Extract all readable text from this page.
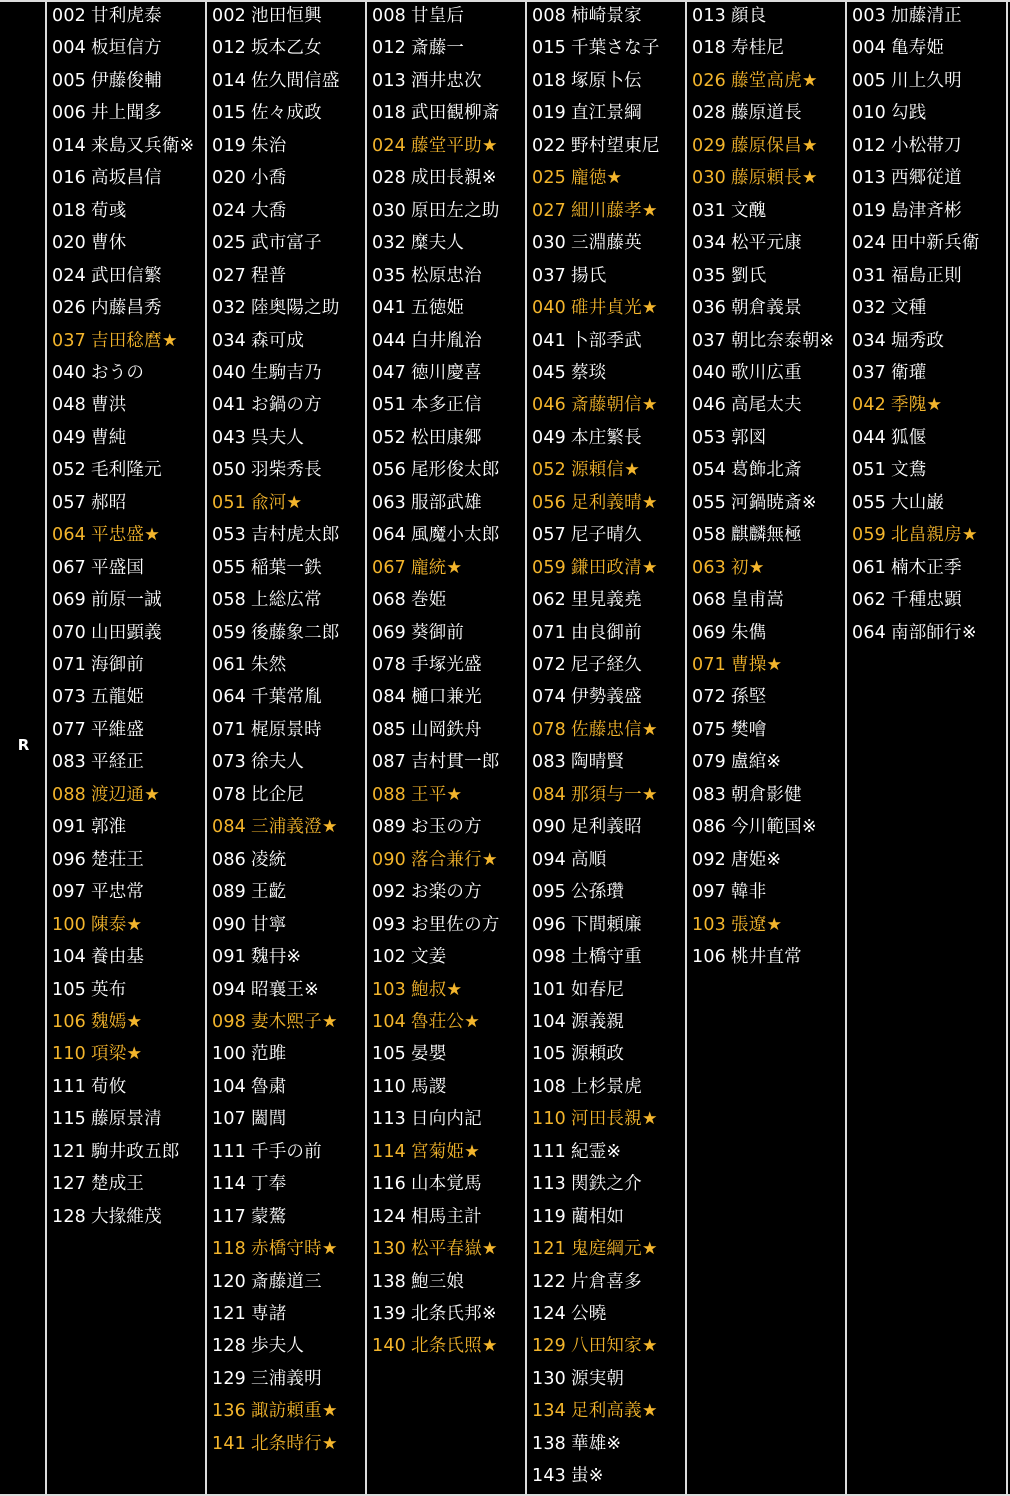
R
002 甘利虎泰
004 板垣信方
005 伊藤俊輔
006 井上聞多
014 来島又兵衛※
016 高坂昌信
018 荀彧
020 曹休
024 武田信繁
026 内藤昌秀
037 吉田稔麿★
040 おうの
048 曹洪
049 曹純
052 毛利隆元
057 郝昭
064 平忠盛★
067 平盛国
069 前原一誠
070 山田顕義
071 海御前
073 五龍姫
077 平維盛
083 平経正
088 渡辺通★
091 郭淮
096 楚荘王
097 平忠常
100 陳泰★
104 養由基
105 英布
106 魏嫣★
110 項梁★
111 荀攸
115 藤原景清
121 駒井政五郎
127 楚成王
128 大掾維茂
002 池田恒興
012 坂本乙女
014 佐久間信盛
015 佐々成政
019 朱治
020 小喬
024 大喬
025 武市富子
027 程普
032 陸奥陽之助
034 森可成
040 生駒吉乃
041 お鍋の方
043 呉夫人
050 羽柴秀長
051 兪河★
053 吉村虎太郎
055 稲葉一鉄
058 上総広常
059 後藤象二郎
061 朱然
064 千葉常胤
071 梶原景時
073 徐夫人
078 比企尼
084 三浦義澄★
086 凌統
089 王齕
090 甘寧
091 魏冄※
094 昭襄王※
098 妻木熙子★
100 范雎
104 魯粛
107 闔閭
111 千手の前
114 丁奉
117 蒙驁
118 赤橋守時★
120 斎藤道三
121 専諸
128 歩夫人
129 三浦義明
136 諏訪頼重★
141 北条時行★
008 甘皇后
012 斎藤一
013 酒井忠次
018 武田観柳斎
024 藤堂平助★
028 成田長親※
030 原田左之助
032 糜夫人
035 松原忠治
041 五徳姫
044 白井胤治
047 徳川慶喜
051 本多正信
052 松田康郷
056 尾形俊太郎
063 服部武雄
064 風魔小太郎
067 龐統★
068 巻姫
069 葵御前
078 手塚光盛
084 樋口兼光
085 山岡鉄舟
087 吉村貫一郎
088 王平★
089 お玉の方
090 落合兼行★
092 お楽の方
093 お里佐の方
102 文姜
103 鮑叔★
104 魯荘公★
105 晏嬰
110 馬謖
113 日向内記
114 宮菊姫★
116 山本覚馬
124 相馬主計
130 松平春嶽★
138 鮑三娘
139 北条氏邦※
140 北条氏照★
008 柿崎景家
015 千葉さな子
018 塚原卜伝
019 直江景綱
022 野村望東尼
025 龐徳★
027 細川藤孝★
030 三淵藤英
037 揚氏
040 碓井貞光★
041 卜部季武
045 蔡琰
046 斎藤朝信★
049 本庄繁長
052 源頼信★
056 足利義晴★
057 尼子晴久
059 鎌田政清★
062 里見義堯
071 由良御前
072 尼子経久
074 伊勢義盛
078 佐藤忠信★
083 陶晴賢
084 那須与一★
090 足利義昭
094 高順
095 公孫瓚
096 下間頼廉
098 土橋守重
101 如春尼
104 源義親
105 源頼政
108 上杉景虎
110 河田長親★
111 紀霊※
113 関鉄之介
119 藺相如
121 鬼庭綱元★
122 片倉喜多
124 公曉
129 八田知家★
130 源実朝
134 足利高義★
138 華雄※
143 蚩※
013 顔良
018 寿桂尼
026 藤堂高虎★
028 藤原道長
029 藤原保昌★
030 藤原頼長★
031 文醜
034 松平元康
035 劉氏
036 朝倉義景
037 朝比奈泰朝※
040 歌川広重
046 高尾太夫
053 郭図
054 葛飾北斎
055 河鍋暁斎※
058 麒麟無極
063 初★
068 皇甫嵩
069 朱儁
071 曹操★
072 孫堅
075 樊噲
079 盧綰※
083 朝倉影健
086 今川範国※
092 唐姫※
097 韓非
103 張遼★
106 桃井直常
003 加藤清正
004 亀寿姫
005 川上久明
010 勾践
012 小松帯刀
013 西郷従道
019 島津斉彬
024 田中新兵衛
031 福島正則
032 文種
034 堀秀政
037 衛瓘
042 季隗★
044 狐偃
051 文鴦
055 大山巌
059 北畠親房★
061 楠木正季
062 千種忠顕
064 南部師行※
